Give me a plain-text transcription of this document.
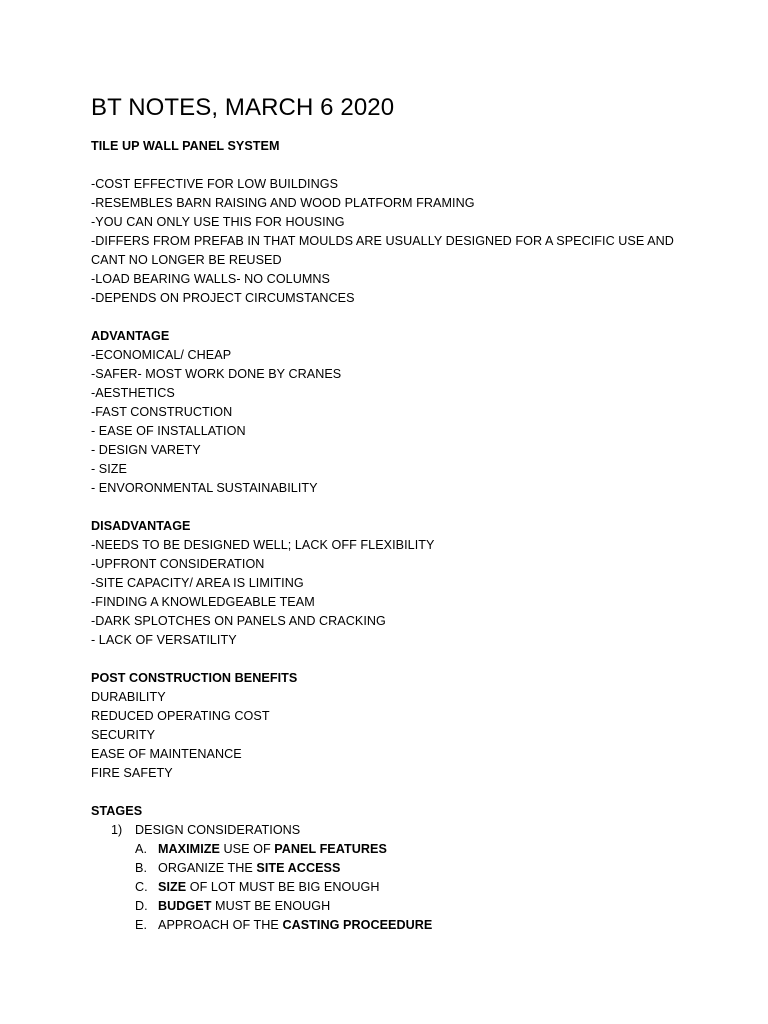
BT NOTES, MARCH 6 2020
TILE UP WALL PANEL SYSTEM
-COST EFFECTIVE FOR LOW BUILDINGS
-RESEMBLES BARN RAISING AND WOOD PLATFORM FRAMING
-YOU CAN ONLY USE THIS FOR HOUSING
-DIFFERS FROM PREFAB IN THAT MOULDS ARE USUALLY DESIGNED FOR A SPECIFIC USE AND
CANT NO LONGER BE REUSED
-LOAD BEARING WALLS- NO COLUMNS
-DEPENDS ON PROJECT CIRCUMSTANCES
ADVANTAGE
-ECONOMICAL/ CHEAP
-SAFER- MOST WORK DONE BY CRANES
-AESTHETICS
-FAST CONSTRUCTION
- EASE OF INSTALLATION
- DESIGN VARETY
- SIZE
- ENVORONMENTAL SUSTAINABILITY
DISADVANTAGE
-NEEDS TO BE DESIGNED WELL; LACK OFF FLEXIBILITY
-UPFRONT CONSIDERATION
-SITE CAPACITY/ AREA IS LIMITING
-FINDING A KNOWLEDGEABLE TEAM
-DARK SPLOTCHES ON PANELS AND CRACKING
- LACK OF VERSATILITY
POST CONSTRUCTION BENEFITS
DURABILITY
REDUCED OPERATING COST
SECURITY
EASE OF MAINTENANCE
FIRE SAFETY
STAGES
1) DESIGN CONSIDERATIONS
A. MAXIMIZE USE OF PANEL FEATURES
B. ORGANIZE THE SITE ACCESS
C. SIZE OF LOT MUST BE BIG ENOUGH
D. BUDGET MUST BE ENOUGH
E. APPROACH OF THE CASTING PROCEEDURE
